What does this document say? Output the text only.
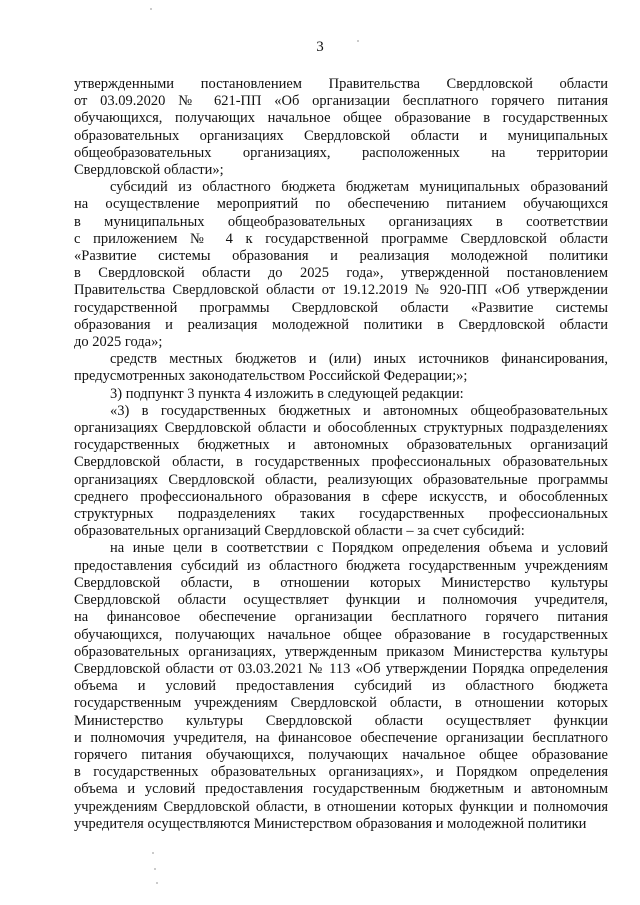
3
утвержденными постановлением Правительства Свердловской области
от 03.09.2020 № 621-ПП «Об организации бесплатного горячего питания
обучающихся, получающих начальное общее образование в государственных
образовательных организациях Свердловской области и муниципальных
общеобразовательных организациях, расположенных на территории
Свердловской области»;
субсидий из областного бюджета бюджетам муниципальных образований
на осуществление мероприятий по обеспечению питанием обучающихся
в муниципальных общеобразовательных организациях в соответствии
с приложением № 4 к государственной программе Свердловской области
«Развитие системы образования и реализация молодежной политики
в Свердловской области до 2025 года», утвержденной постановлением
Правительства Свердловской области от 19.12.2019 № 920-ПП «Об утверждении
государственной программы Свердловской области «Развитие системы
образования и реализация молодежной политики в Свердловской области
до 2025 года»;
средств местных бюджетов и (или) иных источников финансирования,
предусмотренных законодательством Российской Федерации;»;
3) подпункт 3 пункта 4 изложить в следующей редакции:
«3) в государственных бюджетных и автономных общеобразовательных
организациях Свердловской области и обособленных структурных подразделениях
государственных бюджетных и автономных образовательных организаций
Свердловской области, в государственных профессиональных образовательных
организациях Свердловской области, реализующих образовательные программы
среднего профессионального образования в сфере искусств, и обособленных
структурных подразделениях таких государственных профессиональных
образовательных организаций Свердловской области – за счет субсидий:
на иные цели в соответствии с Порядком определения объема и условий
предоставления субсидий из областного бюджета государственным учреждениям
Свердловской области, в отношении которых Министерство культуры
Свердловской области осуществляет функции и полномочия учредителя,
на финансовое обеспечение организации бесплатного горячего питания
обучающихся, получающих начальное общее образование в государственных
образовательных организациях, утвержденным приказом Министерства культуры
Свердловской области от 03.03.2021 № 113 «Об утверждении Порядка определения
объема и условий предоставления субсидий из областного бюджета
государственным учреждениям Свердловской области, в отношении которых
Министерство культуры Свердловской области осуществляет функции
и полномочия учредителя, на финансовое обеспечение организации бесплатного
горячего питания обучающихся, получающих начальное общее образование
в государственных образовательных организациях», и Порядком определения
объема и условий предоставления государственным бюджетным и автономным
учреждениям Свердловской области, в отношении которых функции и полномочия
учредителя осуществляются Министерством образования и молодежной политики
